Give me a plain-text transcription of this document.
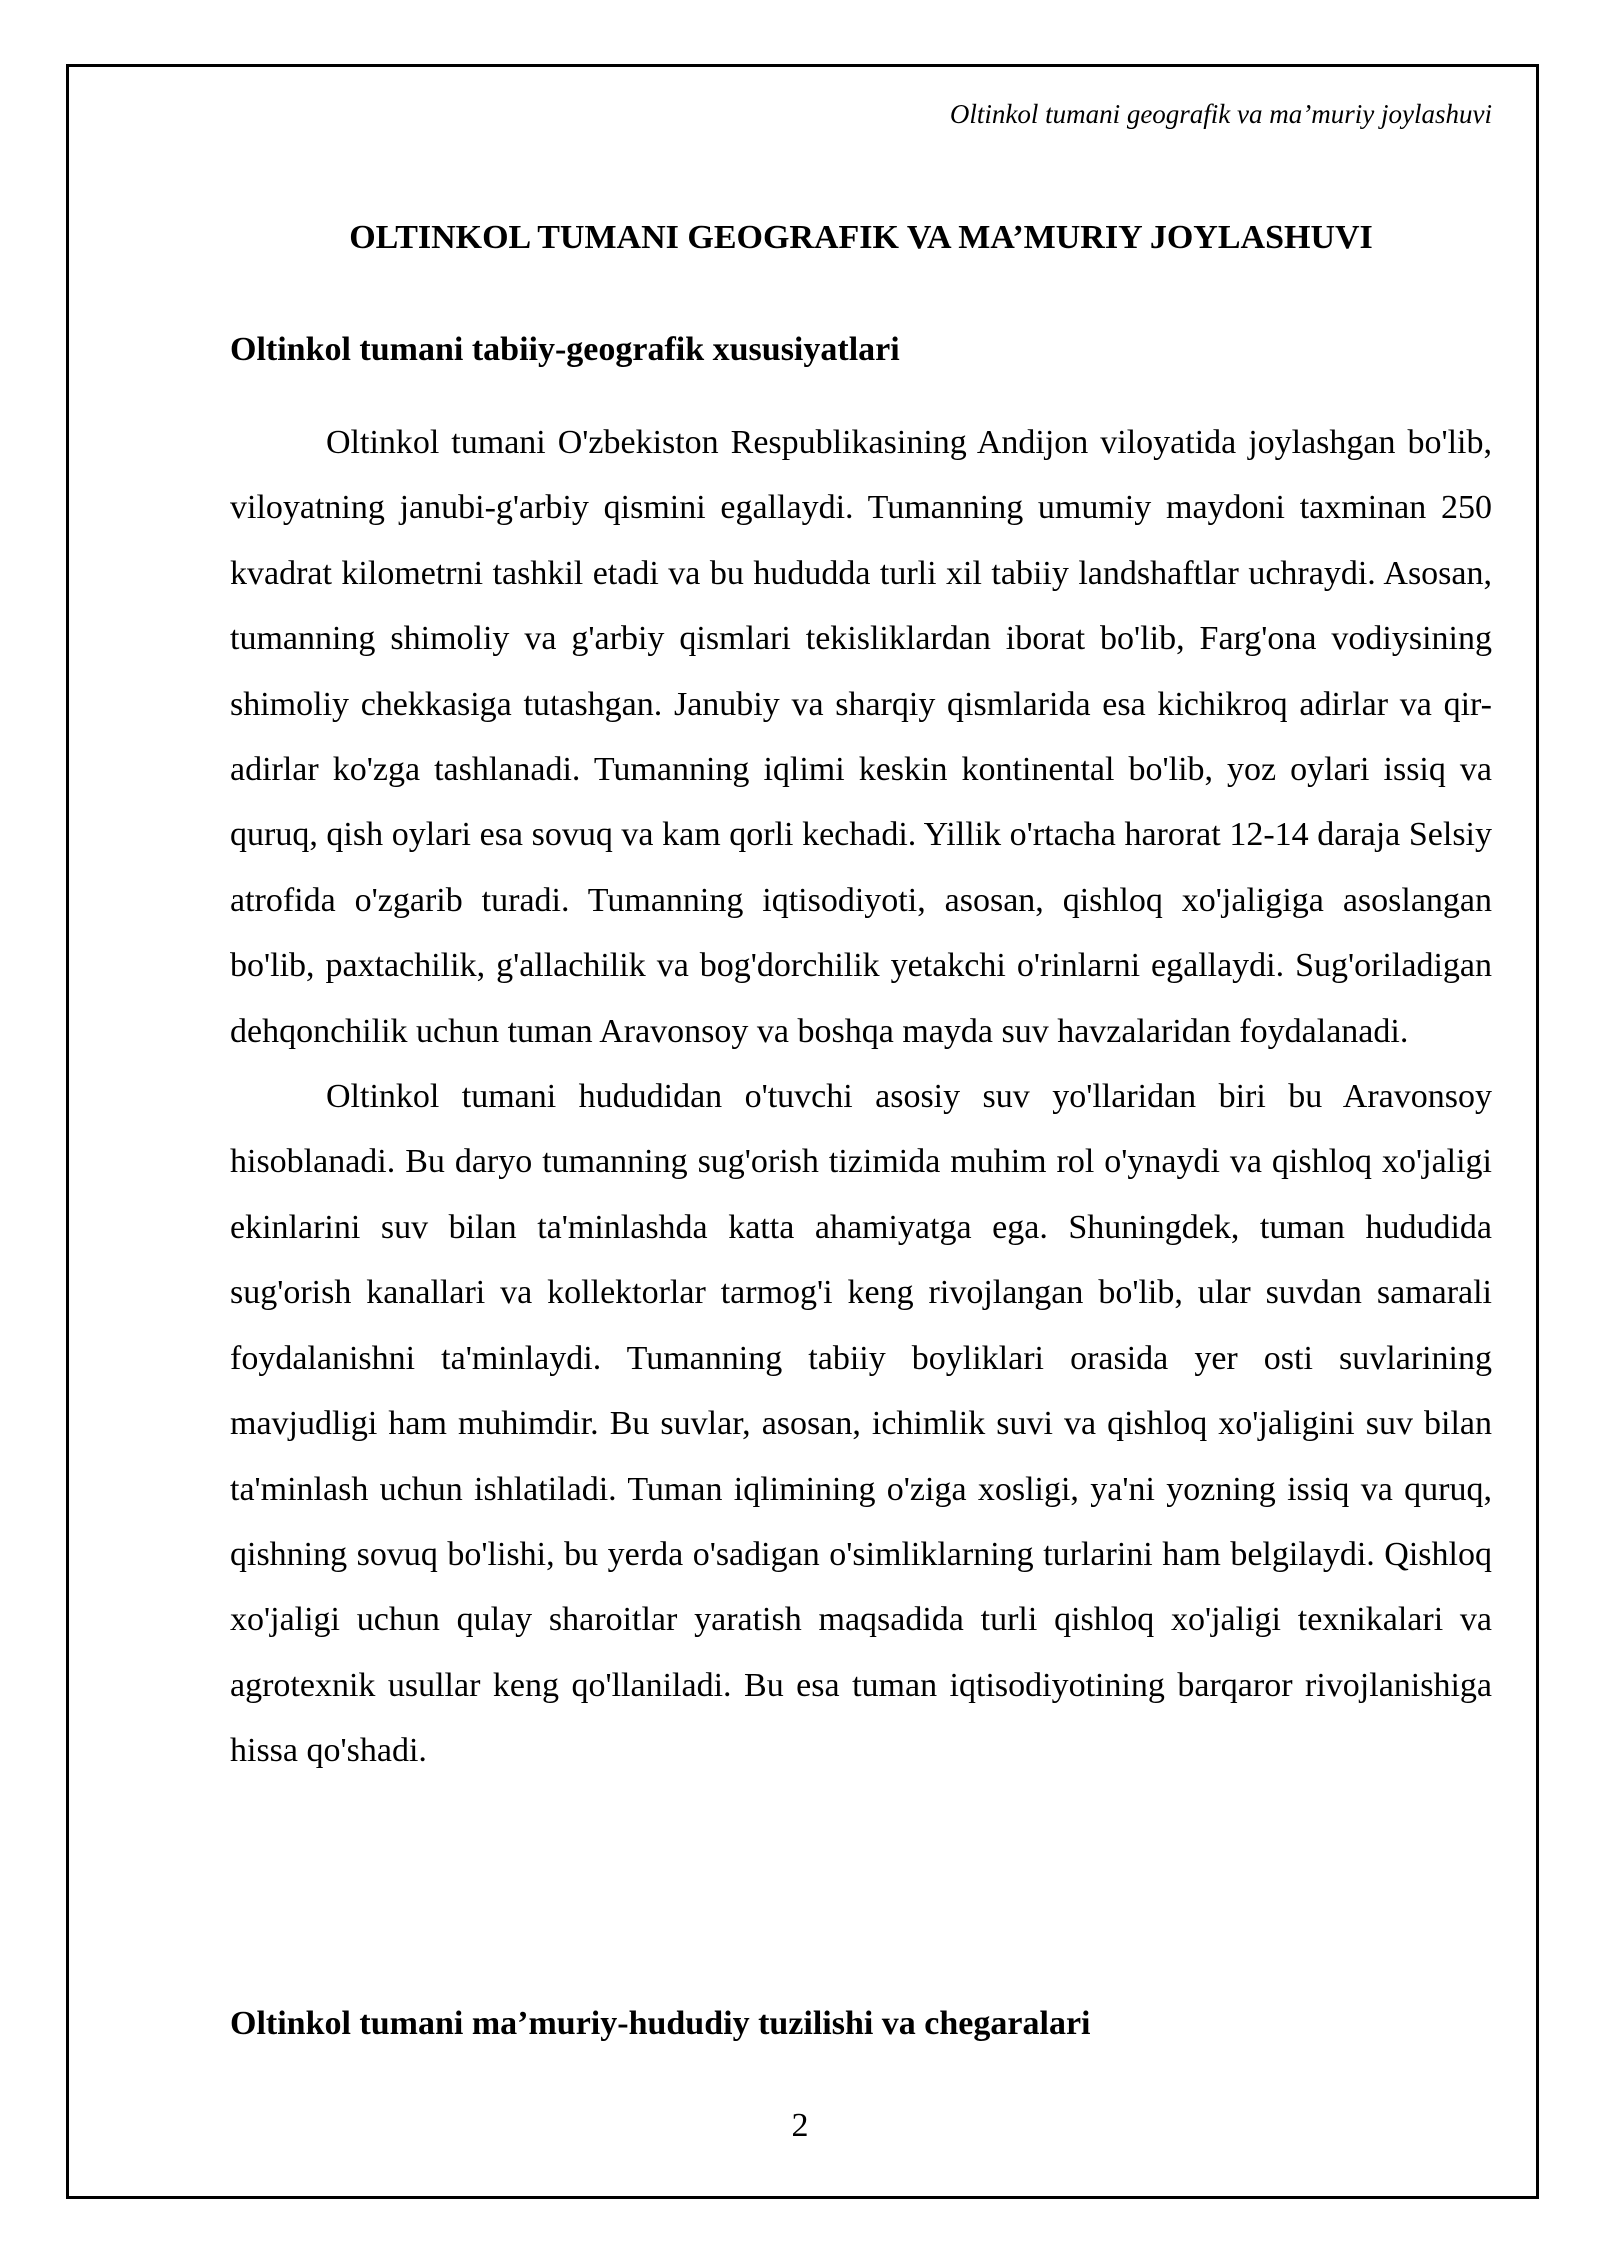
Oltinkol tumani geografik va ma’muriy joylashuvi
OLTINKOL TUMANI GEOGRAFIK VA MA’MURIY JOYLASHUVI
Oltinkol tumani tabiiy-geografik xususiyatlari

Oltinkol tumani O'zbekiston Respublikasining Andijon viloyatida joylashgan bo'lib, viloyatning janubi-g'arbiy qismini egallaydi. Tumanning umumiy maydoni taxminan 250 kvadrat kilometrni tashkil etadi va bu hududda turli xil tabiiy landshaftlar uchraydi. Asosan, tumanning shimoliy va g'arbiy qismlari tekisliklardan iborat bo'lib, Farg'ona vodiysining shimoliy chekkasiga tutashgan. Janubiy va sharqiy qismlarida esa kichikroq adirlar va qir-adirlar ko'zga tashlanadi. Tumanning iqlimi keskin kontinental bo'lib, yoz oylari issiq va quruq, qish oylari esa sovuq va kam qorli kechadi. Yillik o'rtacha harorat 12-14 daraja Selsiy atrofida o'zgarib turadi. Tumanning iqtisodiyoti, asosan, qishloq xo'jaligiga asoslangan bo'lib, paxtachilik, g'allachilik va bog'dorchilik yetakchi o'rinlarni egallaydi. Sug'oriladigan dehqonchilik uchun tuman Aravonsoy va boshqa mayda suv havzalaridan foydalanadi.

Oltinkol tumani hududidan o'tuvchi asosiy suv yo'llaridan biri bu Aravonsoy hisoblanadi. Bu daryo tumanning sug'orish tizimida muhim rol o'ynaydi va qishloq xo'jaligi ekinlarini suv bilan ta'minlashda katta ahamiyatga ega. Shuningdek, tuman hududida sug'orish kanallari va kollektorlar tarmog'i keng rivojlangan bo'lib, ular suvdan samarali foydalanishni ta'minlaydi. Tumanning tabiiy boyliklari orasida yer osti suvlarining mavjudligi ham muhimdir. Bu suvlar, asosan, ichimlik suvi va qishloq xo'jaligini suv bilan ta'minlash uchun ishlatiladi. Tuman iqlimining o'ziga xosligi, ya'ni yozning issiq va quruq, qishning sovuq bo'lishi, bu yerda o'sadigan o'simliklarning turlarini ham belgilaydi. Qishloq xo'jaligi uchun qulay sharoitlar yaratish maqsadida turli qishloq xo'jaligi texnikalari va agrotexnik usullar keng qo'llaniladi. Bu esa tuman iqtisodiyotining barqaror rivojlanishiga hissa qo'shadi.

Oltinkol tumani ma’muriy-hududiy tuzilishi va chegaralari
2
